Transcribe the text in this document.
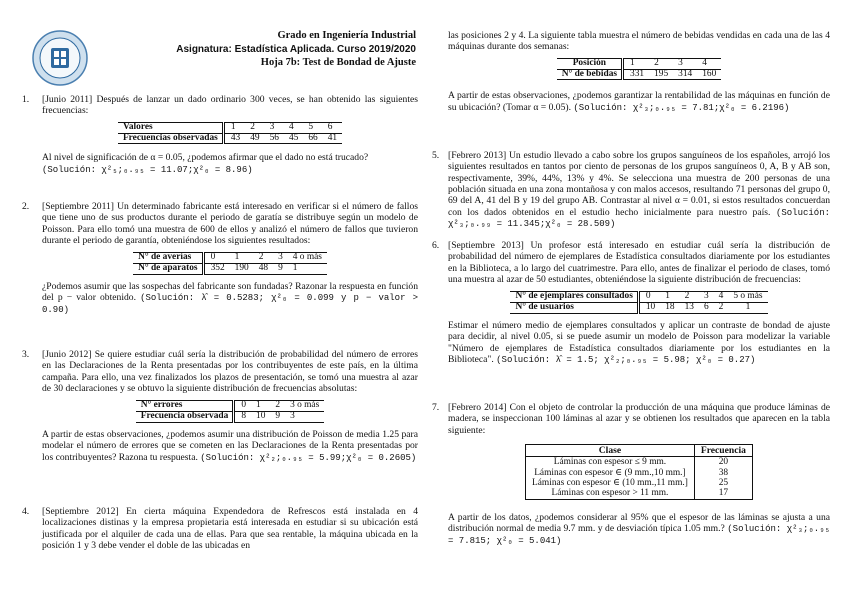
Grado en Ingeniería Industrial
Asignatura: Estadística Aplicada. Curso 2019/2020
Hoja 7b: Test de Bondad de Ajuste
1. [Junio 2011] Después de lanzar un dado ordinario 300 veces, se han obtenido las siguientes frecuencias:

Valores		1	2	3	4	5	6
Frecuencias observadas		43	49	56	45	66	41

Al nivel de significación de α = 0.05, ¿podemos afirmar que el dado no está trucado?
(Solución: χ²₅;₀.₉₅ = 11.07;χ²₀ = 8.96)

2. [Septiembre 2011] Un determinado fabricante está interesado en verificar si el número de fallos que tiene uno de sus productos durante el periodo de garatía se distribuye según un modelo de Poisson. Para ello tomó una muestra de 600 de ellos y analizó el número de fallos que tuvieron durante el periodo de garantía, obteniéndose los siguientes resultados:

N° de averías		0	1	2	3	4 o más
N° de aparatos		352	190	48	9	1

¿Podemos asumir que las sospechas del fabricante son fundadas? Razonar la respuesta en función del p − valor obtenido. (Solución: λ̂ = 0.5283; χ²₀ = 0.099 y p − valor > 0.90)

3. [Junio 2012] Se quiere estudiar cuál sería la distribución de probabilidad del número de errores en las Declaraciones de la Renta presentadas por los contribuyentes de este país, en la última campaña. Para ello, una vez finalizados los plazos de presentación, se tomó una muestra al azar de 30 declaraciones y se obtuvo la siguiente distribución de frecuencias absolutas:

N° errores		0	1	2	3 o más
Frecuencia observada		8	10	9	3

A partir de estas observaciones, ¿podemos asumir una distribución de Poisson de media 1.25 para modelar el número de errores que se cometen en las Declaraciones de la Renta presentadas por los contribuyentes? Razona tu respuesta. (Solución: χ²₂;₀.₉₅ = 5.99;χ²₀ = 0.2605)

4. [Septiembre 2012] En cierta máquina Expendedora de Refrescos está instalada en 4 localizaciones distinas y la empresa propietaria está interesada en estudiar si su ubicación está justificada por el alquiler de cada una de ellas. Para que sea rentable, la máquina ubicada en la posición 1 y 3 debe vender el doble de las ubicadas en

las posiciones 2 y 4. La siguiente tabla muestra el número de bebidas vendidas en cada una de las 4 máquinas durante dos semanas:

Posición		1	2	3	4
N° de bebidas		331	195	314	160

A partir de estas observaciones, ¿podemos garantizar la rentabilidad de las máquinas en función de su ubicación? (Tomar α = 0.05). (Solución: χ²₃;₀.₉₅ = 7.81;χ²₀ = 6.2196)

5. [Febrero 2013] Un estudio llevado a cabo sobre los grupos sanguíneos de los españoles, arrojó los siguientes resultados en tantos por ciento de personas de los grupos sanguíneos 0, A, B y AB son, respectivamente, 39%, 44%, 13% y 4%. Se selecciona una muestra de 200 personas de una población situada en una zona montañosa y con malos accesos, resultando 71 personas del grupo 0, 69 del A, 41 del B y 19 del grupo AB. Contrastar al nivel α = 0.01, si estos resultados concuerdan con los dados obtenidos en el estudio hecho inicialmente para nuestro país. (Solución: χ²₃;₀.₉₉ = 11.345;χ²₀ = 28.509)

6. [Septiembre 2013] Un profesor está interesado en estudiar cuál sería la distribución de probabilidad del número de ejemplares de Estadística consultados diariamente por los estudiantes en la Biblioteca, a lo largo del cuatrimestre. Para ello, antes de finalizar el periodo de clases, tomó una muestra al azar de 50 estudiantes, obteniéndose la siguiente distribución de frecuencias:

N° de ejemplares consultados		0	1	2	3	4	5 o más
N° de usuarios		10	18	13	6	2	1

Estimar el número medio de ejemplares consultados y aplicar un contraste de bondad de ajuste para decidir, al nivel 0.05, si se puede asumir un modelo de Poisson para modelizar la variable "Número de ejemplares de Estadística consultados diariamente por los estudiantes en la Biblioteca". (Solución: λ̂ = 1.5; χ²₂;₀.₉₅ = 5.98; χ²₀ = 0.27)

7. [Febrero 2014] Con el objeto de controlar la producción de una máquina que produce láminas de madera, se inspeccionan 100 láminas al azar y se obtienen los resultados que aparecen en la tabla siguiente:

Clase	Frecuencia
Láminas con espesor ≤ 9 mm.	20
Láminas con espesor ∈ (9 mm.,10 mm.]	38
Láminas con espesor ∈ (10 mm.,11 mm.]	25
Láminas con espesor > 11 mm.	17

A partir de los datos, ¿podemos considerar al 95% que el espesor de las láminas se ajusta a una distribución normal de media 9.7 mm. y de desviación típica 1.05 mm.? (Solución: χ²₃;₀.₉₅ = 7.815; χ²₀ = 5.041)
